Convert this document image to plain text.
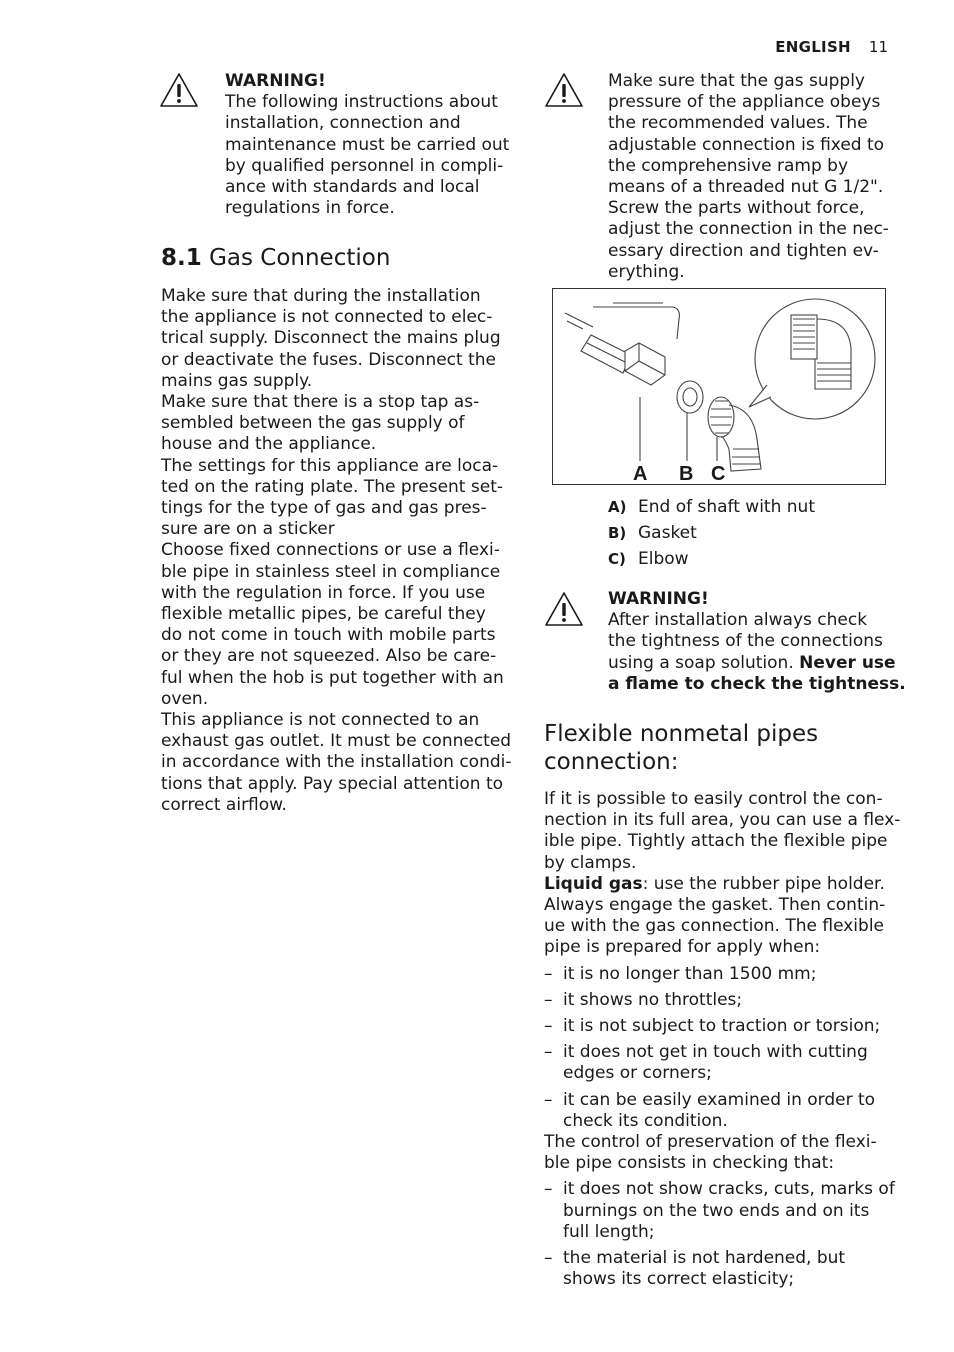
ENGLISH 11
WARNING!

The following instructions about

installation, connection and

maintenance must be carried out

by qualified personnel in compli-

ance with standards and local

regulations in force.

8.1 Gas Connection

Make sure that during the installation

the appliance is not connected to elec-

trical supply. Disconnect the mains plug

or deactivate the fuses. Disconnect the

mains gas supply.

Make sure that there is a stop tap as-

sembled between the gas supply of

house and the appliance.

The settings for this appliance are loca-

ted on the rating plate. The present set-

tings for the type of gas and gas pres-

sure are on a sticker

Choose fixed connections or use a flexi-

ble pipe in stainless steel in compliance

with the regulation in force. If you use

flexible metallic pipes, be careful they

do not come in touch with mobile parts

or they are not squeezed. Also be care-

ful when the hob is put together with an

oven.

This appliance is not connected to an

exhaust gas outlet. It must be connected

in accordance with the installation condi-

tions that apply. Pay special attention to

correct airflow.

Make sure that the gas supply

pressure of the appliance obeys

the recommended values. The

adjustable connection is fixed to

the comprehensive ramp by

means of a threaded nut G 1/2".

Screw the parts without force,

adjust the connection in the nec-

essary direction and tighten ev-

erything.

A B C
A) End of shaft with nut
B) Gasket
C) Elbow
WARNING!

After installation always check

the tightness of the connections

using a soap solution. Never use

a flame to check the tightness.

Flexible nonmetal pipes
connection:

If it is possible to easily control the con-

nection in its full area, you can use a flex-

ible pipe. Tightly attach the flexible pipe

by clamps.

Liquid gas: use the rubber pipe holder.

Always engage the gasket. Then contin-

ue with the gas connection. The flexible

pipe is prepared for apply when:

– it is no longer than 1500 mm;

– it shows no throttles;

– it is not subject to traction or torsion;

– it does not get in touch with cutting

edges or corners;

– it can be easily examined in order to

check its condition.

The control of preservation of the flexi-

ble pipe consists in checking that:

– it does not show cracks, cuts, marks of

burnings on the two ends and on its

full length;

– the material is not hardened, but

shows its correct elasticity;
